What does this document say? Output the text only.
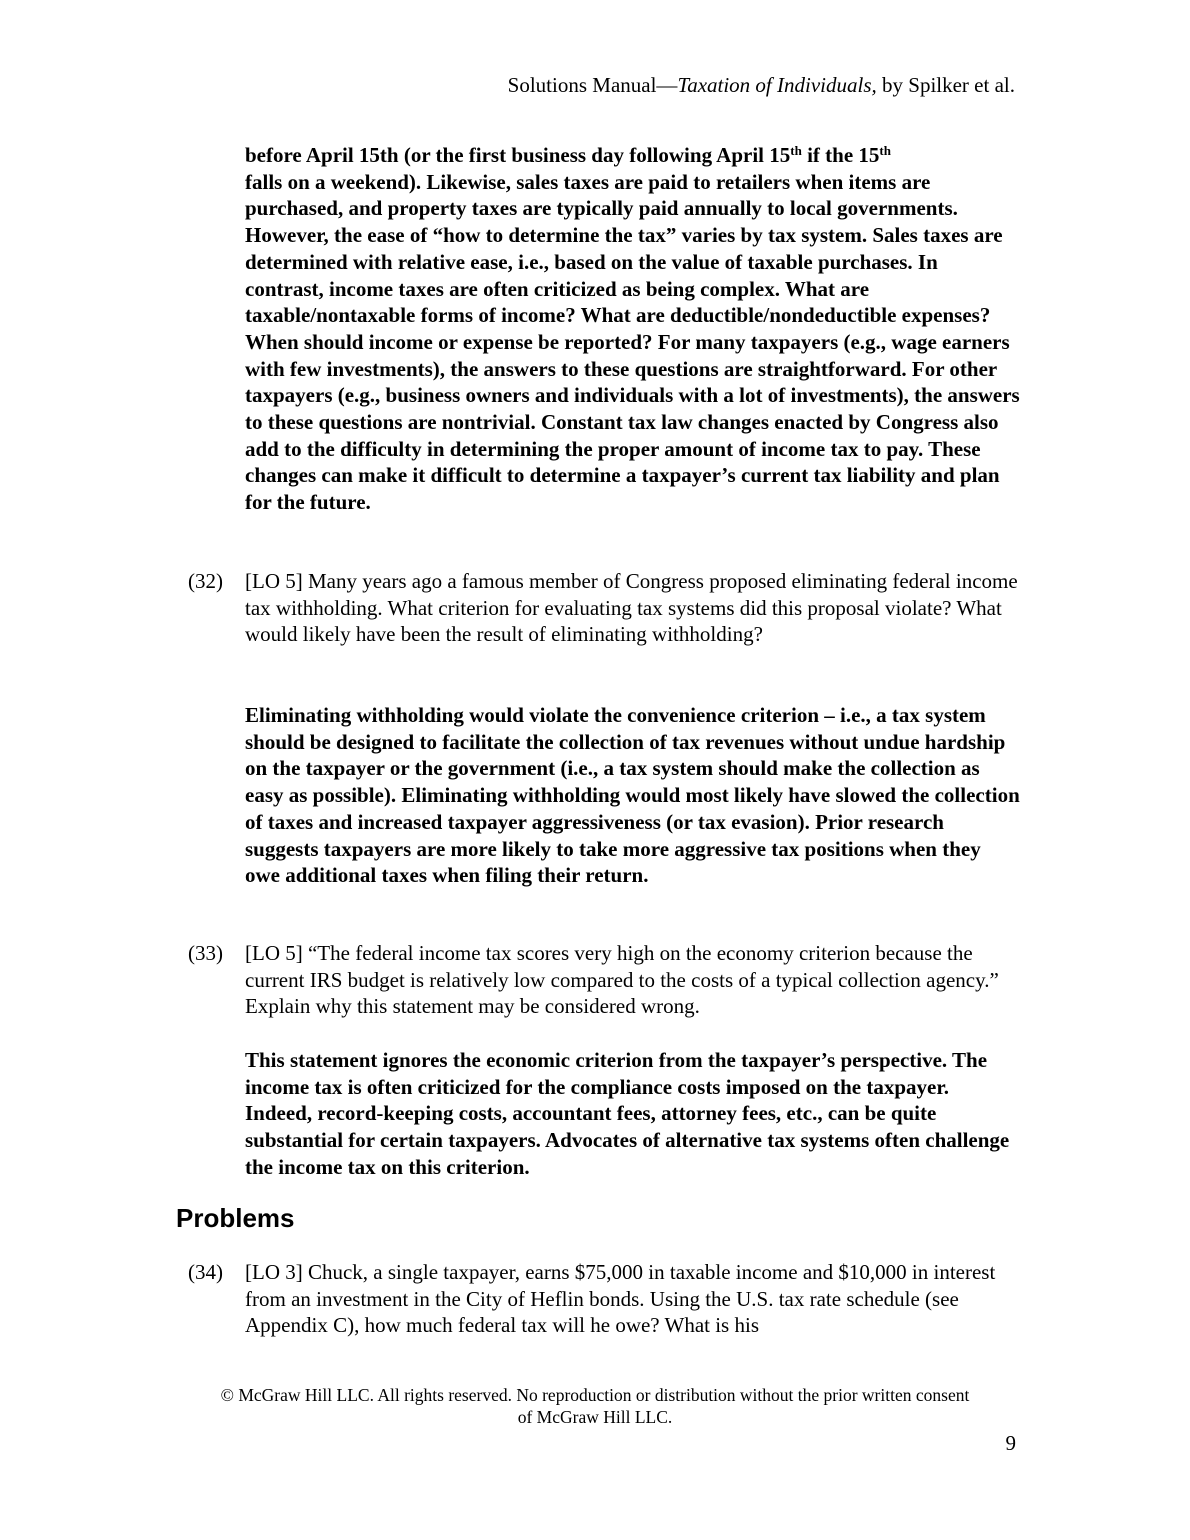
Solutions Manual—Taxation of Individuals, by Spilker et al.
before April 15th (or the first business day following April 15th if the 15th
falls on a weekend). Likewise, sales taxes are paid to retailers when items are purchased, and property taxes are typically paid annually to local governments. However, the ease of “how to determine the tax” varies by tax system. Sales taxes are determined with relative ease, i.e., based on the value of taxable purchases. In contrast, income taxes are often criticized as being complex. What are taxable/nontaxable forms of income? What are deductible/nondeductible expenses? When should income or expense be reported? For many taxpayers (e.g., wage earners with few investments), the answers to these questions are straightforward. For other taxpayers (e.g., business owners and individuals with a lot of investments), the answers to these questions are nontrivial. Constant tax law changes enacted by Congress also add to the difficulty in determining the proper amount of income tax to pay. These changes can make it difficult to determine a taxpayer’s current tax liability and plan for the future.
(32)	[LO 5] Many years ago a famous member of Congress proposed eliminating federal income tax withholding. What criterion for evaluating tax systems did this proposal violate? What would likely have been the result of eliminating withholding?
Eliminating withholding would violate the convenience criterion – i.e., a tax system should be designed to facilitate the collection of tax revenues without undue hardship on the taxpayer or the government (i.e., a tax system should make the collection as easy as possible). Eliminating withholding would most likely have slowed the collection of taxes and increased taxpayer aggressiveness (or tax evasion). Prior research suggests taxpayers are more likely to take more aggressive tax positions when they owe additional taxes when filing their return.
(33)	[LO 5] “The federal income tax scores very high on the economy criterion because the current IRS budget is relatively low compared to the costs of a typical collection agency.” Explain why this statement may be considered wrong.
This statement ignores the economic criterion from the taxpayer’s perspective. The income tax is often criticized for the compliance costs imposed on the taxpayer. Indeed, record-keeping costs, accountant fees, attorney fees, etc., can be quite substantial for certain taxpayers. Advocates of alternative tax systems often challenge the income tax on this criterion.
Problems
(34)	[LO 3] Chuck, a single taxpayer, earns $75,000 in taxable income and $10,000 in interest from an investment in the City of Heflin bonds. Using the U.S. tax rate schedule (see Appendix C), how much federal tax will he owe? What is his
© McGraw Hill LLC. All rights reserved. No reproduction or distribution without the prior written consent
of McGraw Hill LLC.
9
